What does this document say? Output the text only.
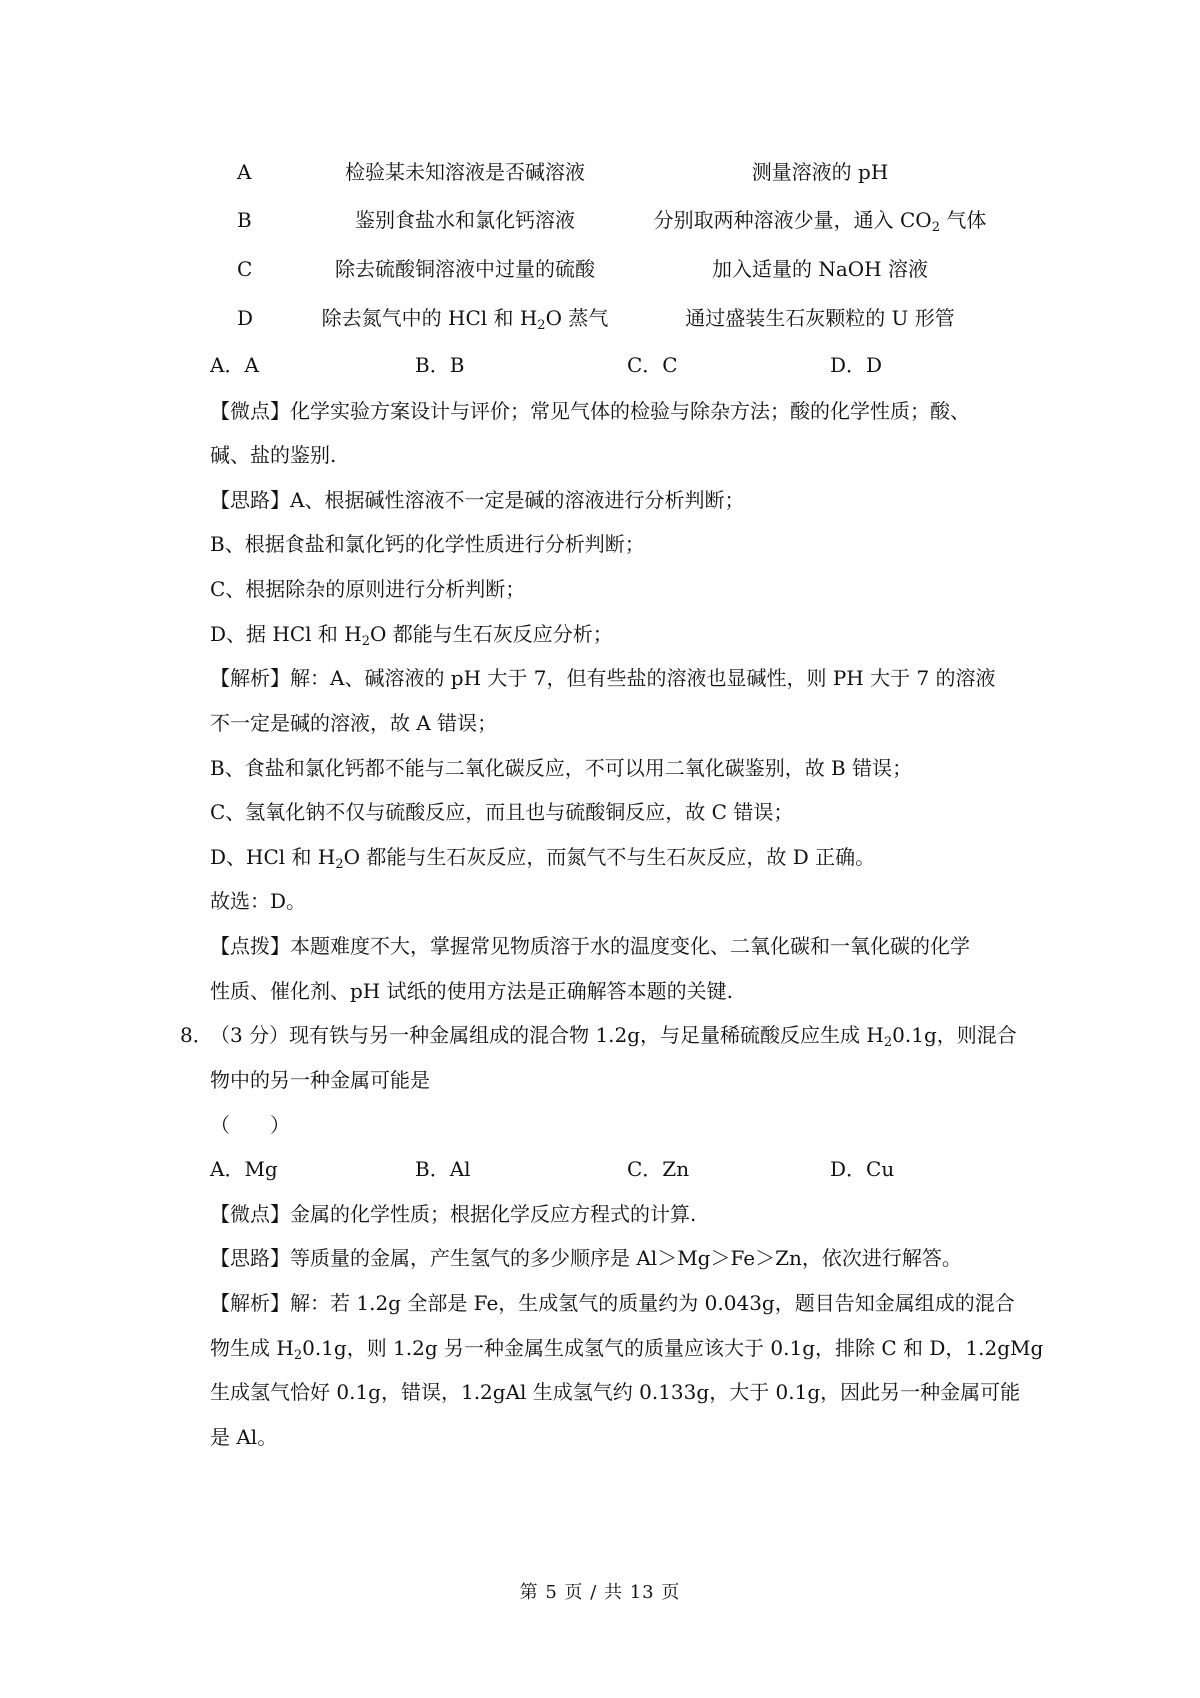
A	检验某未知溶液是否碱溶液	测量溶液的 pH
B	鉴别食盐水和氯化钙溶液	分别取两种溶液少量，通入 $CO_2$ 气体
C	除去硫酸铜溶液中过量的硫酸	加入适量的 NaOH 溶液
D	除去氮气中的 HCl 和 $H_2O$ 蒸气	通过盛装生石灰颗粒的 U 形管
A．A	B．B	C．C	D．D
【微点】化学实验方案设计与评价；常见气体的检验与除杂方法；酸的化学性质；酸、
碱、盐的鉴别.
【思路】A、根据碱性溶液不一定是碱的溶液进行分析判断；
B、根据食盐和氯化钙的化学性质进行分析判断；
C、根据除杂的原则进行分析判断；
D、据 HCl 和 $H_2O$ 都能与生石灰反应分析；
【解析】解：A、碱溶液的 pH 大于 7，但有些盐的溶液也显碱性，则 PH 大于 7 的溶液
不一定是碱的溶液，故 A 错误；
B、食盐和氯化钙都不能与二氧化碳反应，不可以用二氧化碳鉴别，故 B 错误；
C、氢氧化钠不仅与硫酸反应，而且也与硫酸铜反应，故 C 错误；
D、HCl 和 $H_2O$ 都能与生石灰反应，而氮气不与生石灰反应，故 D 正确。
故选：D。
【点拨】本题难度不大，掌握常见物质溶于水的温度变化、二氧化碳和一氧化碳的化学
性质、催化剂、pH 试纸的使用方法是正确解答本题的关键.
8．
（3 分）现有铁与另一种金属组成的混合物 1.2g，与足量稀硫酸反应生成 $H_20.1g$，则混合
物中的另一种金属可能是
（　　）
A．Mg	B．Al	C．Zn	D．Cu
【微点】金属的化学性质；根据化学反应方程式的计算.
【思路】等质量的金属，产生氢气的多少顺序是 Al＞Mg＞Fe＞Zn，依次进行解答。
【解析】解：若 1.2g 全部是 Fe，生成氢气的质量约为 0.043g，题目告知金属组成的混合
物生成 $H_20.1g$，则 1.2g 另一种金属生成氢气的质量应该大于 0.1g，排除 C 和 D，1.2gMg
生成氢气恰好 0.1g，错误，1.2gAl 生成氢气约 0.133g，大于 0.1g，因此另一种金属可能
是 Al。
第 5 页 / 共 13 页
